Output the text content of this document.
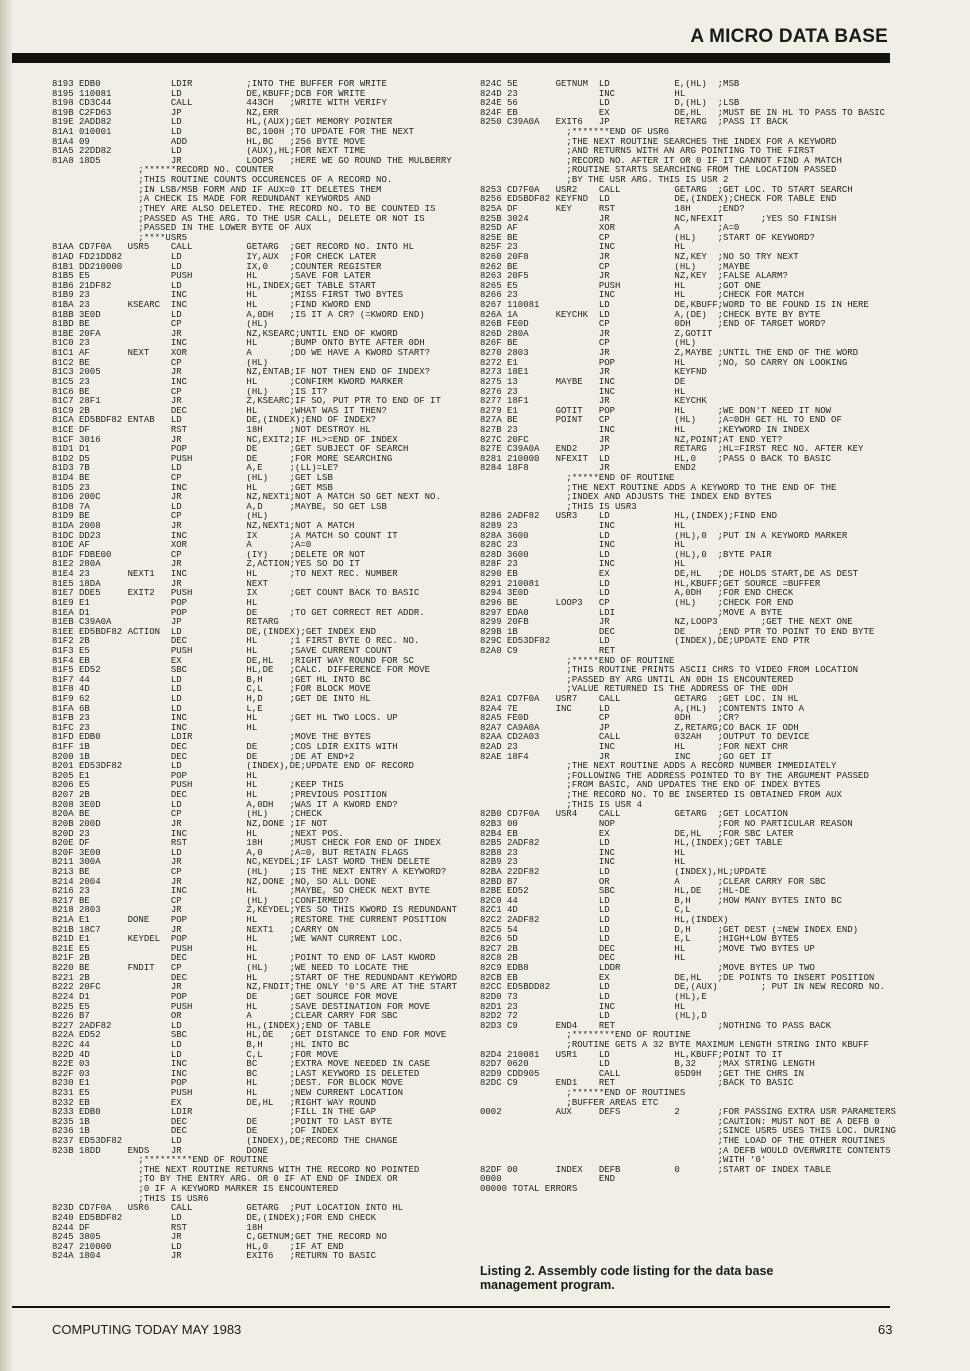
A MICRO DATA BASE
8193 EDB0             LDIR          ;INTO THE BUFFER FOR WRITE
8195 110081           LD            DE,KBUFF;DCB FOR WRITE
8198 CD3C44           CALL          443CH   ;WRITE WITH VERIFY
819B C2FD63           JP            NZ,ERR
819E 2ADD82           LD            HL,(AUX);GET MEMORY POINTER
81A1 010001           LD            BC,100H ;TO UPDATE FOR THE NEXT
81A4 09               ADD           HL,BC   ;256 BYTE MOVE
81A5 22DD82           LD            (AUX),HL;FOR NEXT TIME
81A8 18D5             JR            LOOPS   ;HERE WE GO ROUND THE MULBERRY
;******RECORD NO. COUNTER
;THIS ROUTINE COUNTS OCCURENCES OF A RECORD NO.
;IN LSB/MSB FORM AND IF AUX=0 IT DELETES THEM
;A CHECK IS MADE FOR REDUNDANT KEYWORDS AND
;THEY ARE ALSO DELETED. THE RECORD NO. TO BE COUNTED IS
;PASSED AS THE ARG. TO THE USR CALL, DELETE OR NOT IS
;PASSED IN THE LOWER BYTE OF AUX
;****USR5
81AA CD7F0A   USR5    CALL          GETARG  ;GET RECORD NO. INTO HL
81AD FD21DD82         LD            IY,AUX  ;FOR CHECK LATER
81B1 DD210000         LD            IX,0    ;COUNTER REGISTER
81B5 E5               PUSH          HL      ;SAVE FOR LATER
81B6 21DF82           LD            HL,INDEX;GET TABLE START
81B9 23               INC           HL      ;MISS FIRST TWO BYTES
81BA 23       KSEARC  INC           HL      ;FIND KWORD END
81BB 3E0D             LD            A,0DH   ;IS IT A CR? (=KWORD END)
81BD BE               CP            (HL)
81BE 20FA             JR            NZ,KSEARC;UNTIL END OF KWORD
81C0 23               INC           HL      ;BUMP ONTO BYTE AFTER 0DH
81C1 AF       NEXT    XOR           A       ;DO WE HAVE A KWORD START?
81C2 BE               CP            (HL)
81C3 2005             JR            NZ,ENTAB;IF NOT THEN END OF INDEX?
81C5 23               INC           HL      ;CONFIRM KWORD MARKER
81C6 BE               CP            (HL)    ;IS IT?
81C7 28F1             JR            Z,KSEARC;IF SO, PUT PTR TO END OF IT
81C9 2B               DEC           HL      ;WHAT WAS IT THEN?
81CA ED5BDF82 ENTAB   LD            DE,(INDEX);END OF INDEX?
81CE DF               RST           18H     ;NOT DESTROY HL
81CF 3016             JR            NC,EXIT2;IF HL>=END OF INDEX
81D1 D1               POP           DE      ;GET SUBJECT OF SEARCH
81D2 D5               PUSH          DE      ;FOR MORE SEARCHING
81D3 7B               LD            A,E     ;(LL)=LE?
81D4 BE               CP            (HL)    ;GET LSB
81D5 23               INC           HL      ;GET MSB
81D6 200C             JR            NZ,NEXT1;NOT A MATCH SO GET NEXT NO.
81D8 7A               LD            A,D     ;MAYBE, SO GET LSB
81D9 BE               CP            (HL)
81DA 2008             JR            NZ,NEXT1;NOT A MATCH
81DC DD23             INC           IX      ;A MATCH SO COUNT IT
81DE AF               XOR           A       ;A=0
81DF FDBE00           CP            (IY)    ;DELETE OR NOT
81E2 280A             JR            Z,ACTION;YES SO DO IT
81E4 23       NEXT1   INC           HL      ;TO NEXT REC. NUMBER
81E5 18DA             JR            NEXT
81E7 DDE5     EXIT2   PUSH          IX      ;GET COUNT BACK TO BASIC
81E9 E1               POP           HL
81EA D1               POP           DE      ;TO GET CORRECT RET ADDR.
81EB C39A0A           JP            RETARG
81EE ED5BDF82 ACTION  LD            DE,(INDEX);GET INDEX END
81F2 2B               DEC           HL      ;1 FIRST BYTE O REC. NO.
81F3 E5               PUSH          HL      ;SAVE CURRENT COUNT
81F4 EB               EX            DE,HL   ;RIGHT WAY ROUND FOR SC
81F5 ED52             SBC           HL,DE   ;CALC. DIFFERENCE FOR MOVE
81F7 44               LD            B,H     ;GET HL INTO BC
81F8 4D               LD            C,L     ;FOR BLOCK MOVE
81F9 62               LD            H,D     ;GET DE INTO HL
81FA 6B               LD            L,E
81FB 23               INC           HL      ;GET HL TWO LOCS. UP
81FC 23               INC           HL
81FD EDB0             LDIR                  ;MOVE THE BYTES
81FF 1B               DEC           DE      ;COS LDIR EXITS WITH
8200 1B               DEC           DE      ;DE AT END+2
8201 ED53DF82         LD            (INDEX),DE;UPDATE END OF RECORD
8205 E1               POP           HL
8206 E5               PUSH          HL      ;KEEP THIS
8207 2B               DEC           HL      ;PREVIOUS POSITION
8208 3E0D             LD            A,0DH   ;WAS IT A KWORD END?
820A BE               CP            (HL)    ;CHECK
820B 200D             JR            NZ,DONE ;IF NOT
820D 23               INC           HL      ;NEXT POS.
820E DF               RST           18H     ;MUST CHECK FOR END OF INDEX
820F 3E00             LD            A,0     ;A=0, BUT RETAIN FLAGS
8211 300A             JR            NC,KEYDEL;IF LAST WORD THEN DELETE
8213 BE               CP            (HL)    ;IS THE NEXT ENTRY A KEYWORD?
8214 2004             JR            NZ,DONE ;NO, SO ALL DONE
8216 23               INC           HL      ;MAYBE, SO CHECK NEXT BYTE
8217 BE               CP            (HL)    ;CONFIRMED?
8218 2803             JR            Z,KEYDEL;YES SO THIS KWORD IS REDUNDANT
821A E1       DONE    POP           HL      ;RESTORE THE CURRENT POSITION
821B 18C7             JR            NEXT1   ;CARRY ON
821D E1       KEYDEL  POP           HL      ;WE WANT CURRENT LOC.
821E E5               PUSH          HL
821F 2B               DEC           HL      ;POINT TO END OF LAST KWORD
8220 BE       FNDIT   CP            (HL)    ;WE NEED TO LOCATE THE
8221 2B               DEC           HL      ;START OF THE REDUNDANT KEYWORD
8222 20FC             JR            NZ,FNDIT;THE ONLY '0'S ARE AT THE START
8224 D1               POP           DE      ;GET SOURCE FOR MOVE
8225 E5               PUSH          HL      ;SAVE DESTINATION FOR MOVE
8226 B7               OR            A       ;CLEAR CARRY FOR SBC
8227 2ADF82           LD            HL,(INDEX);END OF TABLE
822A ED52             SBC           HL,DE   ;GET DISTANCE TO END FOR MOVE
822C 44               LD            B,H     ;HL INTO BC
822D 4D               LD            C,L     ;FOR MOVE
822E 03               INC           BC      ;EXTRA MOVE NEEDED IN CASE
822F 03               INC           BC      ;LAST KEYWORD IS DELETED
8230 E1               POP           HL      ;DEST. FOR BLOCK MOVE
8231 E5               PUSH          HL      ;NEW CURRENT LOCATION
8232 EB               EX            DE,HL   ;RIGHT WAY ROUND
8233 EDB0             LDIR                  ;FILL IN THE GAP
8235 1B               DEC           DE      ;POINT TO LAST BYTE
8236 1B               DEC           DE      ;OF INDEX
8237 ED53DF82         LD            (INDEX),DE;RECORD THE CHANGE
823B 18DD     ENDS    JR            DONE
;*********END OF ROUTINE
;THE NEXT ROUTINE RETURNS WITH THE RECORD NO POINTED
;TO BY THE ENTRY ARG. OR 0 IF AT END OF INDEX OR
;0 IF A KEYWORD MARKER IS ENCOUNTERED
;THIS IS USR6
823D CD7F0A   USR6    CALL          GETARG  ;PUT LOCATION INTO HL
8240 ED5BDF82         LD            DE,(INDEX);FOR END CHECK
8244 DF               RST           18H
8245 3805             JR            C,GETNUM;GET THE RECORD NO
8247 210000           LD            HL,0    ;IF AT END
824A 1804             JR            EXIT6   ;RETURN TO BASIC
824C 5E       GETNUM  LD            E,(HL)  ;MSB
824D 23               INC           HL
824E 56               LD            D,(HL)  ;LSB
824F EB               EX            DE,HL   ;MUST BE IN HL TO PASS TO BASIC
8250 C39A0A   EXIT6   JP            RETARG  ;PASS IT BACK
;*******END OF USR6
;THE NEXT ROUTINE SEARCHES THE INDEX FOR A KEYWORD
;AND RETURNS WITH AN ARG POINTING TO THE FIRST
;RECORD NO. AFTER IT OR 0 IF IT CANNOT FIND A MATCH
;ROUTINE STARTS SEARCHING FROM THE LOCATION PASSED
;BY THE USR ARG. THIS IS USR 2
8253 CD7F0A   USR2    CALL          GETARG  ;GET LOC. TO START SEARCH
8256 ED5BDF82 KEYFND  LD            DE,(INDEX);CHECK FOR TABLE END
825A DF       KEY     RST           18H     ;END?
825B 3024             JR            NC,NFEXIT       ;YES SO FINISH
825D AF               XOR           A       ;A=0
825E BE               CP            (HL)    ;START OF KEYWORD?
825F 23               INC           HL
8260 20F8             JR            NZ,KEY  ;NO SO TRY NEXT
8262 BE               CP            (HL)    ;MAYBE
8263 20F5             JR            NZ,KEY  ;FALSE ALARM?
8265 E5               PUSH          HL      ;GOT ONE
8266 23               INC           HL      ;CHECK FOR MATCH
8267 110081           LD            DE,KBUFF;WORD TO BE FOUND IS IN HERE
826A 1A       KEYCHK  LD            A,(DE)  ;CHECK BYTE BY BYTE
826B FE0D             CP            0DH     ;END OF TARGET WORD?
826D 280A             JR            Z,GOTIT
826F BE               CP            (HL)
8270 2803             JR            Z,MAYBE ;UNTIL THE END OF THE WORD
8272 E1               POP           HL      ;NO, SO CARRY ON LOOKING
8273 18E1             JR            KEYFND
8275 13       MAYBE   INC           DE
8276 23               INC           HL
8277 18F1             JR            KEYCHK
8279 E1       GOTIT   POP           HL      ;WE DON'T NEED IT NOW
827A BE       POINT   CP            (HL)    ;A=0DH GET HL TO END OF
827B 23               INC           HL      ;KEYWORD IN INDEX
827C 20FC             JR            NZ,POINT;AT END YET?
827E C39A0A   END2    JP            RETARG  ;HL=FIRST REC NO. AFTER KEY
8281 210000   NFEXIT  LD            HL,0    ;PASS O BACK TO BASIC
8284 18F8             JR            END2
;*****END OF ROUTINE
;THE NEXT ROUTINE ADDS A KEYWORD TO THE END OF THE
;INDEX AND ADJUSTS THE INDEX END BYTES
;THIS IS USR3
8286 2ADF82   USR3    LD            HL,(INDEX);FIND END
8289 23               INC           HL
828A 3600             LD            (HL),0  ;PUT IN A KEYWORD MARKER
828C 23               INC           HL
828D 3600             LD            (HL),0  ;BYTE PAIR
828F 23               INC           HL
8290 EB               EX            DE,HL   ;DE HOLDS START,DE AS DEST
8291 210081           LD            HL,KBUFF;GET SOURCE =BUFFER
8294 3E0D             LD            A,0DH   ;FOR END CHECK
8296 BE       LOOP3   CP            (HL)    ;CHECK FOR END
8297 EDA0             LDI                   ;MOVE A BYTE
8299 20FB             JR            NZ,LOOP3        ;GET THE NEXT ONE
829B 1B               DEC           DE      ;END PTR TO POINT TO END BYTE
829C ED53DF82         LD            (INDEX),DE;UPDATE END PTR
82A0 C9               RET
;*****END OF ROUTINE
;THIS ROUTINE PRINTS ASCII CHRS TO VIDEO FROM LOCATION
;PASSED BY ARG UNTIL AN 0DH IS ENCOUNTERED
;VALUE RETURNED IS THE ADDRESS OF THE 0DH
82A1 CD7F0A   USR7    CALL          GETARG  ;GET LOC. IN HL
82A4 7E       INC     LD            A,(HL)  ;CONTENTS INTO A
82A5 FE0D             CP            0DH     ;CR?
82A7 CA9A0A           JP            Z,RETARG;CO BACK IF ODH
82AA CD2A03           CALL          032AH   ;OUTPUT TO DEVICE
82AD 23               INC           HL      ;FOR NEXT CHR
82AE 18F4             JR            INC     ;GO GET IT
;THE NEXT ROUTINE ADDS A RECORD NUMBER IMMEDIATELY
;FOLLOWING THE ADDRESS POINTED TO BY THE ARGUMENT PASSED
;FROM BASIC, AND UPDATES THE END OF INDEX BYTES
;THE RECORD NO. TO BE INSERTED IS OBTAINED FROM AUX
;THIS IS USR 4
82B0 CD7F0A   USR4    CALL          GETARG  ;GET LOCATION
82B3 00               NOP                   ;FOR NO PARTICULAR REASON
82B4 EB               EX            DE,HL   ;FOR SBC LATER
82B5 2ADF82           LD            HL,(INDEX);GET TABLE
82B8 23               INC           HL
82B9 23               INC           HL
82BA 22DF82           LD            (INDEX),HL;UPDATE
82BD B7               OR            A       ;CLEAR CARRY FOR SBC
82BE ED52             SBC           HL,DE   ;HL-DE
82C0 44               LD            B,H     ;HOW MANY BYTES INTO BC
82C1 4D               LD            C,L
82C2 2ADF82           LD            HL,(INDEX)
82C5 54               LD            D,H     ;GET DEST (=NEW INDEX END)
82C6 5D               LD            E,L     ;HIGH+LOW BYTES
82C7 2B               DEC           HL      ;MOVE TWO BYTES UP
82C8 2B               DEC           HL
82C9 EDB8             LDDR                  ;MOVE BYTES UP TWO
82CB EB               EX            DE,HL   ;DE POINTS TO INSERT POSITION
82CC ED5BDD82         LD            DE,(AUX)        ; PUT IN NEW RECORD NO.
82D0 73               LD            (HL),E
82D1 23               INC           HL
82D2 72               LD            (HL),D
82D3 C9       END4    RET                   ;NOTHING TO PASS BACK
;********END OF ROUTINE
;ROUTINE GETS A 32 BYTE MAXIMUM LENGTH STRING INTO KBUFF
82D4 210081   USR1    LD            HL,KBUFF;POINT TO IT
82D7 0620             LD            B,32    ;MAX STRING LENGTH
82D9 CDD905           CALL          05D9H   ;GET THE CHRS IN
82DC C9       END1    RET                   ;BACK TO BASIC
;******END OF ROUTINES
;BUFFER AREAS ETC
0002          AUX     DEFS          2       ;FOR PASSING EXTRA USR PARAMETERS
;CAUTION: MUST NOT BE A DEFB 0
;SINCE USR5 USES THIS LOC. DURING
;THE LOAD OF THE OTHER ROUTINES
;A DEFB WOULD OVERWRITE CONTENTS
;WITH '0'
82DF 00       INDEX   DEFB          0       ;START OF INDEX TABLE
0000                  END
00000 TOTAL ERRORS
Listing 2. Assembly code listing for the data base management program.
COMPUTING TODAY MAY 1983	63
